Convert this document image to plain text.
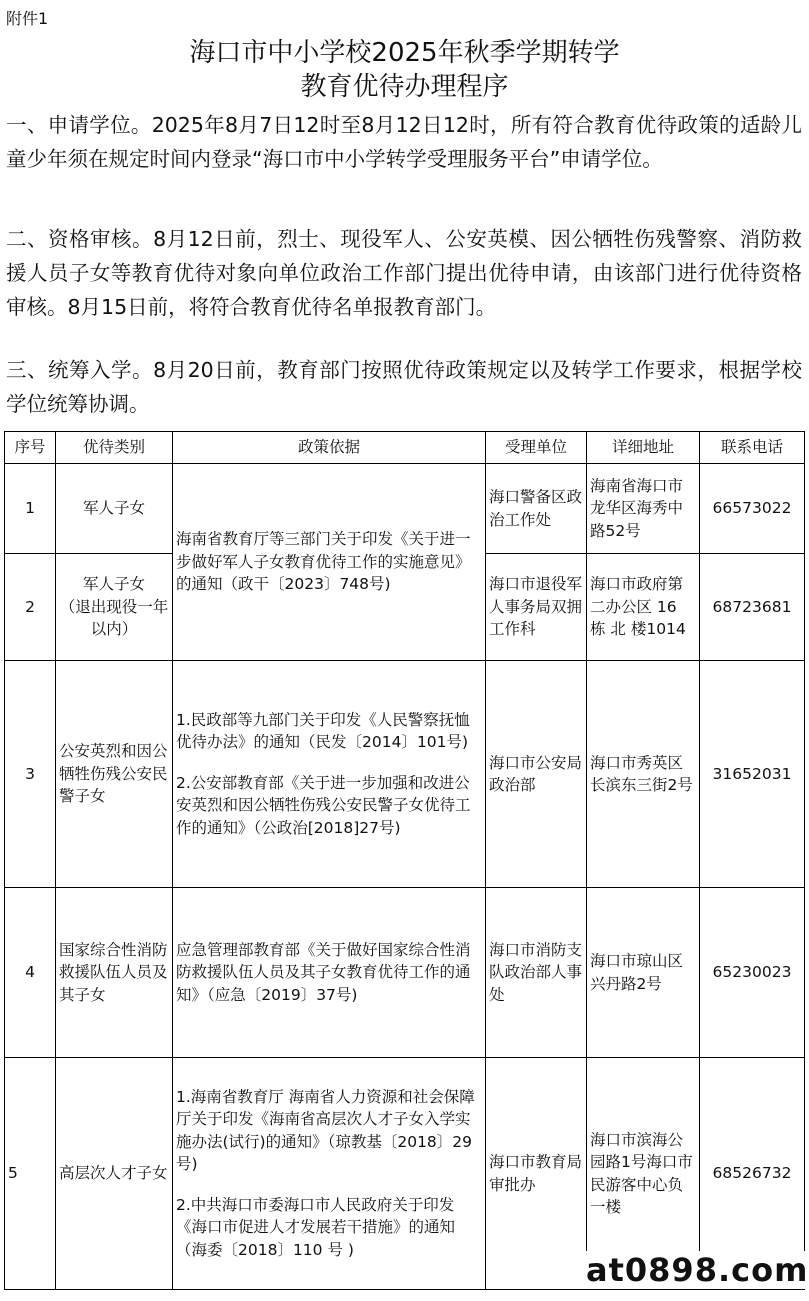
附件1
海口市中小学校2025年秋季学期转学
教育优待办理程序

一、申请学位。2025年8月7日12时至8月12日12时，所有符合教育优待政策的适龄儿童少年须在规定时间内登录“海口市中小学转学受理服务平台”申请学位。

二、资格审核。8月12日前，烈士、现役军人、公安英模、因公牺牲伤残警察、消防救援人员子女等教育优待对象向单位政治工作部门提出优待申请，由该部门进行优待资格审核。8月15日前，将符合教育优待名单报教育部门。

三、统筹入学。8月20日前，教育部门按照优待政策规定以及转学工作要求，根据学校学位统筹协调。

序号	优待类别	政策依据	受理单位	详细地址	联系电话
1	军人子女	海南省教育厅等三部门关于印发《关于进一步做好军人子女教育优待工作的实施意见》的通知（政干〔2023〕748号)	海口警备区政治工作处	海南省海口市龙华区海秀中路52号	66573022
2	军人子女
（退出现役一年以内）		海口市退役军人事务局双拥工作科	海口市政府第二办公区 16 栋 北 楼1014	68723681
3	公安英烈和因公牺牲伤残公安民警子女	1.民政部等九部门关于印发《人民警察抚恤优待办法》的通知（民发〔2014〕101号)
2.公安部教育部《关于进一步加强和改进公安英烈和因公牺牲伤残公安民警子女优待工作的通知》（公政治[2018]27号)	海口市公安局政治部	海口市秀英区长滨东三街2号	31652031
4	国家综合性消防救援队伍人员及其子女	应急管理部教育部《关于做好国家综合性消防救援队伍人员及其子女教育优待工作的通知》（应急〔2019〕37号)	海口市消防支队政治部人事处	海口市琼山区兴丹路2号	65230023
5	高层次人才子女	1.海南省教育厅 海南省人力资源和社会保障厅关于印发《海南省高层次人才子女入学实施办法(试行)的通知》（琼教基〔2018〕29号)
2.中共海口市委海口市人民政府关于印发《海口市促进人才发展若干措施》的通知（海委〔2018〕110 号 )	海口市教育局审批办	海口市滨海公园路1号海口市民游客中心负一楼	68526732
at0898.com
